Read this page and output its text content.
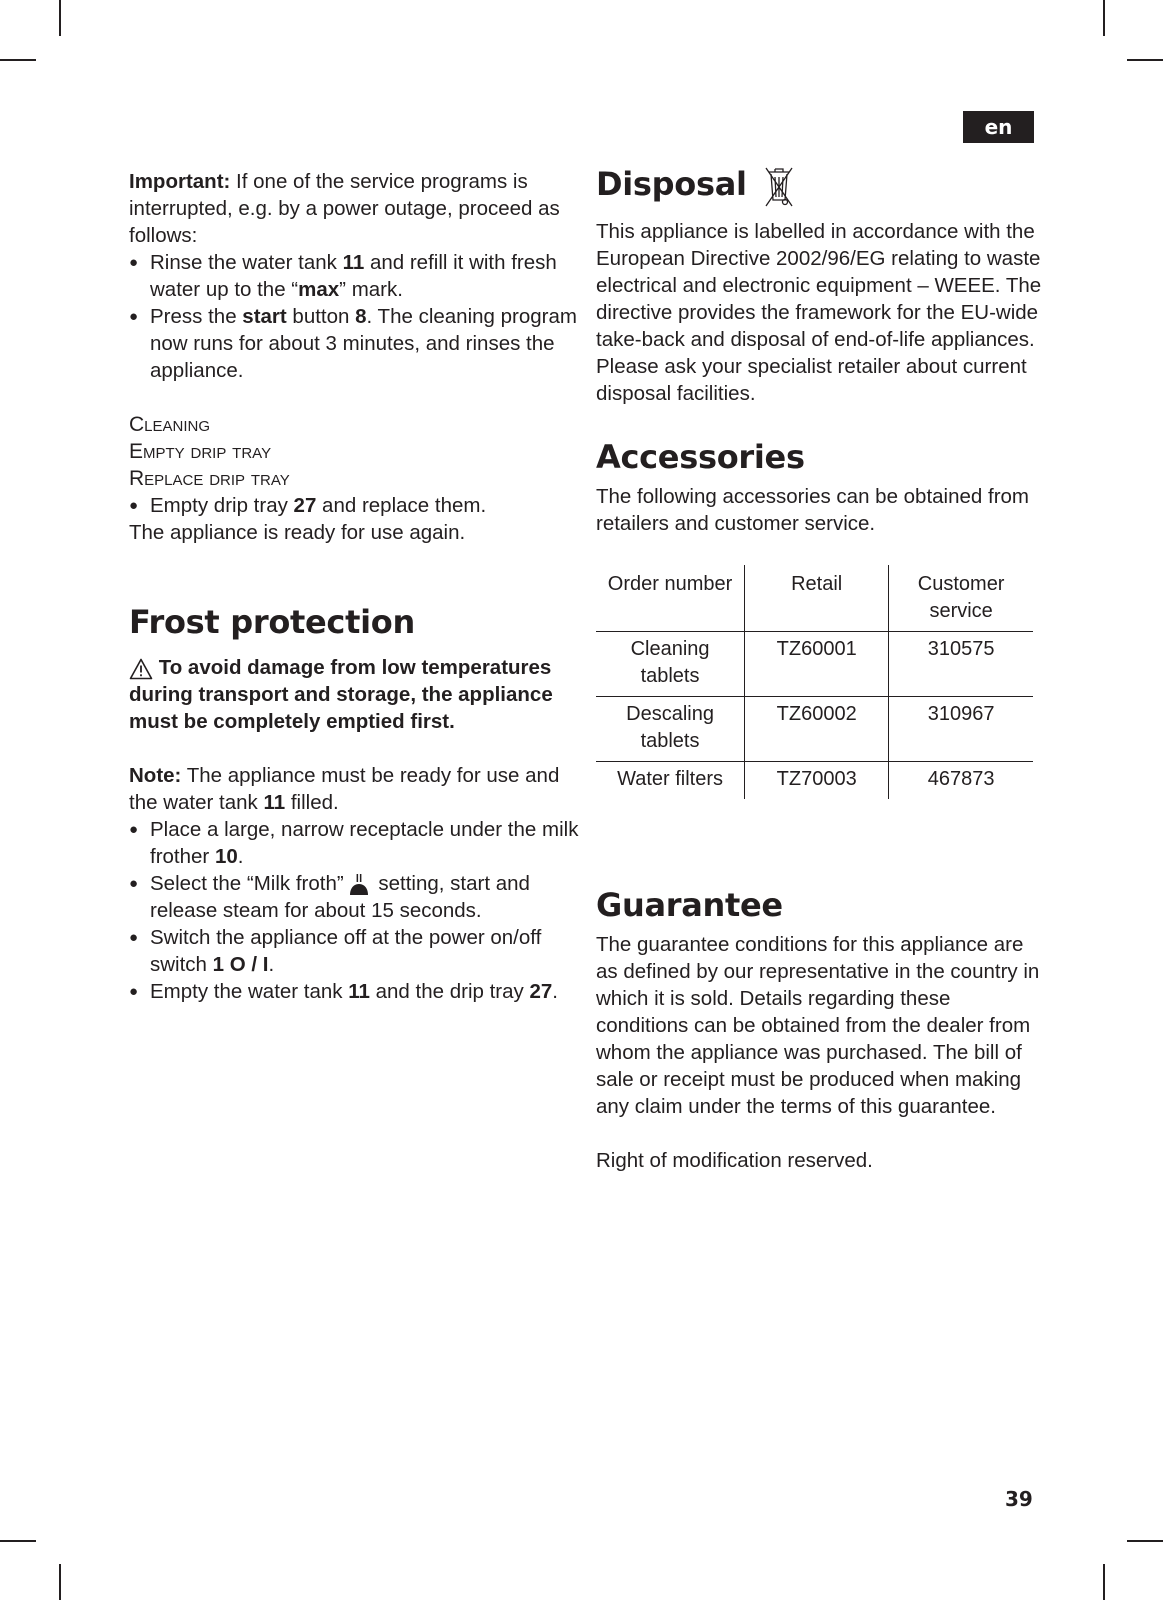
en

Important: If one of the service programs is interrupted, e.g. by a power outage, proceed as follows:

● Rinse the water tank 11 and refill it with fresh water up to the “max” mark.
● Press the start button 8. The cleaning program now runs for about 3 minutes, and rinses the appliance.
Cleaning
Empty drip tray
Replace drip tray
● Empty drip tray 27 and replace them.

The appliance is ready for use again.

Frost protection

To avoid damage from low temperatures during transport and storage, the appliance must be completely emptied first.

Note: The appliance must be ready for use and the water tank 11 filled.

● Place a large, narrow receptacle under the milk frother 10.
● Select the “Milk froth” setting, start and release steam for about 15 seconds.
● Switch the appliance off at the power on/off switch 1 O / I.
● Empty the water tank 11 and the drip tray 27.
Disposal

This appliance is labelled in accordance with the European Directive 2002/96/EG relating to waste electrical and electronic equipment – WEEE. The directive provides the framework for the EU-wide take-back and disposal of end-of-life appliances. Please ask your specialist retailer about current disposal facilities.

Accessories

The following accessories can be obtained from retailers and customer service.

Order number	Retail	Customer service
Cleaning tablets	TZ60001	310575
Descaling tablets	TZ60002	310967
Water filters	TZ70003	467873
Guarantee

The guarantee conditions for this appliance are as defined by our representative in the country in which it is sold. Details regarding these conditions can be obtained from the dealer from whom the appliance was purchased. The bill of sale or receipt must be produced when making any claim under the terms of this guarantee.

Right of modification reserved.

39
